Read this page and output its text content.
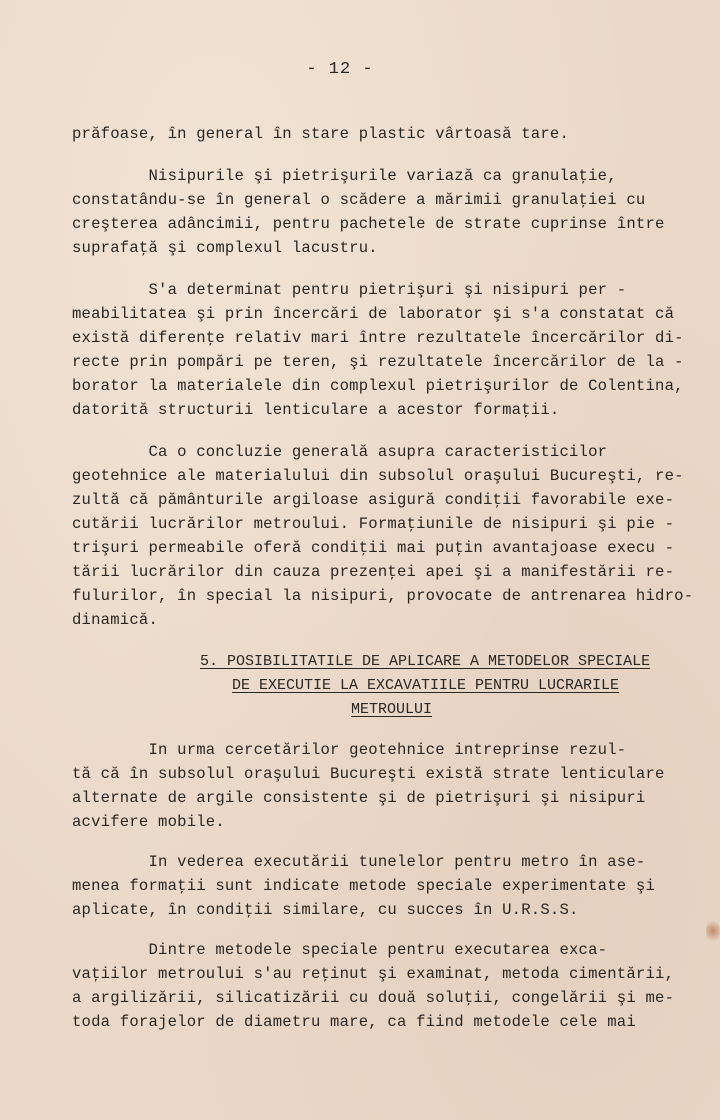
- 12 -
prăfoase, în general în stare plastic vârtoasă tare.
Nisipurile şi pietrişurile variază ca granulaţie,
constatându-se în general o scădere a mărimii granulaţiei cu
creşterea adâncimii, pentru pachetele de strate cuprinse între
suprafaţă şi complexul lacustru.
S'a determinat pentru pietrişuri şi nisipuri per -
meabilitatea şi prin încercări de laborator şi s'a constatat că
există diferenţe relativ mari între rezultatele încercărilor di-
recte prin pompări pe teren, şi rezultatele încercărilor de la -
borator la materialele din complexul pietrişurilor de Colentina,
datorită structurii lenticulare a acestor formaţii.
Ca o concluzie generală asupra caracteristicilor
geotehnice ale materialului din subsolul oraşului Bucureşti, re-
zultă că pământurile argiloase asigură condiţii favorabile exe-
cutării lucrărilor metroului. Formaţiunile de nisipuri şi pie -
trişuri permeabile oferă condiţii mai puţin avantajoase execu -
tării lucrărilor din cauza prezenţei apei şi a manifestării re-
fulurilor, în special la nisipuri, provocate de antrenarea hidro-
dinamică.
5. POSIBILITATILE DE APLICARE A METODELOR SPECIALE
DE EXECUTIE LA EXCAVATIILE PENTRU LUCRARILE
METROULUI
In urma cercetărilor geotehnice intreprinse rezul-
tă că în subsolul oraşului Bucureşti există strate lenticulare
alternate de argile consistente şi de pietrişuri şi nisipuri
acvifere mobile.
In vederea executării tunelelor pentru metro în ase-
menea formaţii sunt indicate metode speciale experimentate şi
aplicate, în condiţii similare, cu succes în U.R.S.S.
Dintre metodele speciale pentru executarea exca-
vaţiilor metroului s'au reţinut şi examinat, metoda cimentării,
a argilizării, silicatizării cu două soluţii, congelării şi me-
toda forajelor de diametru mare, ca fiind metodele cele mai
